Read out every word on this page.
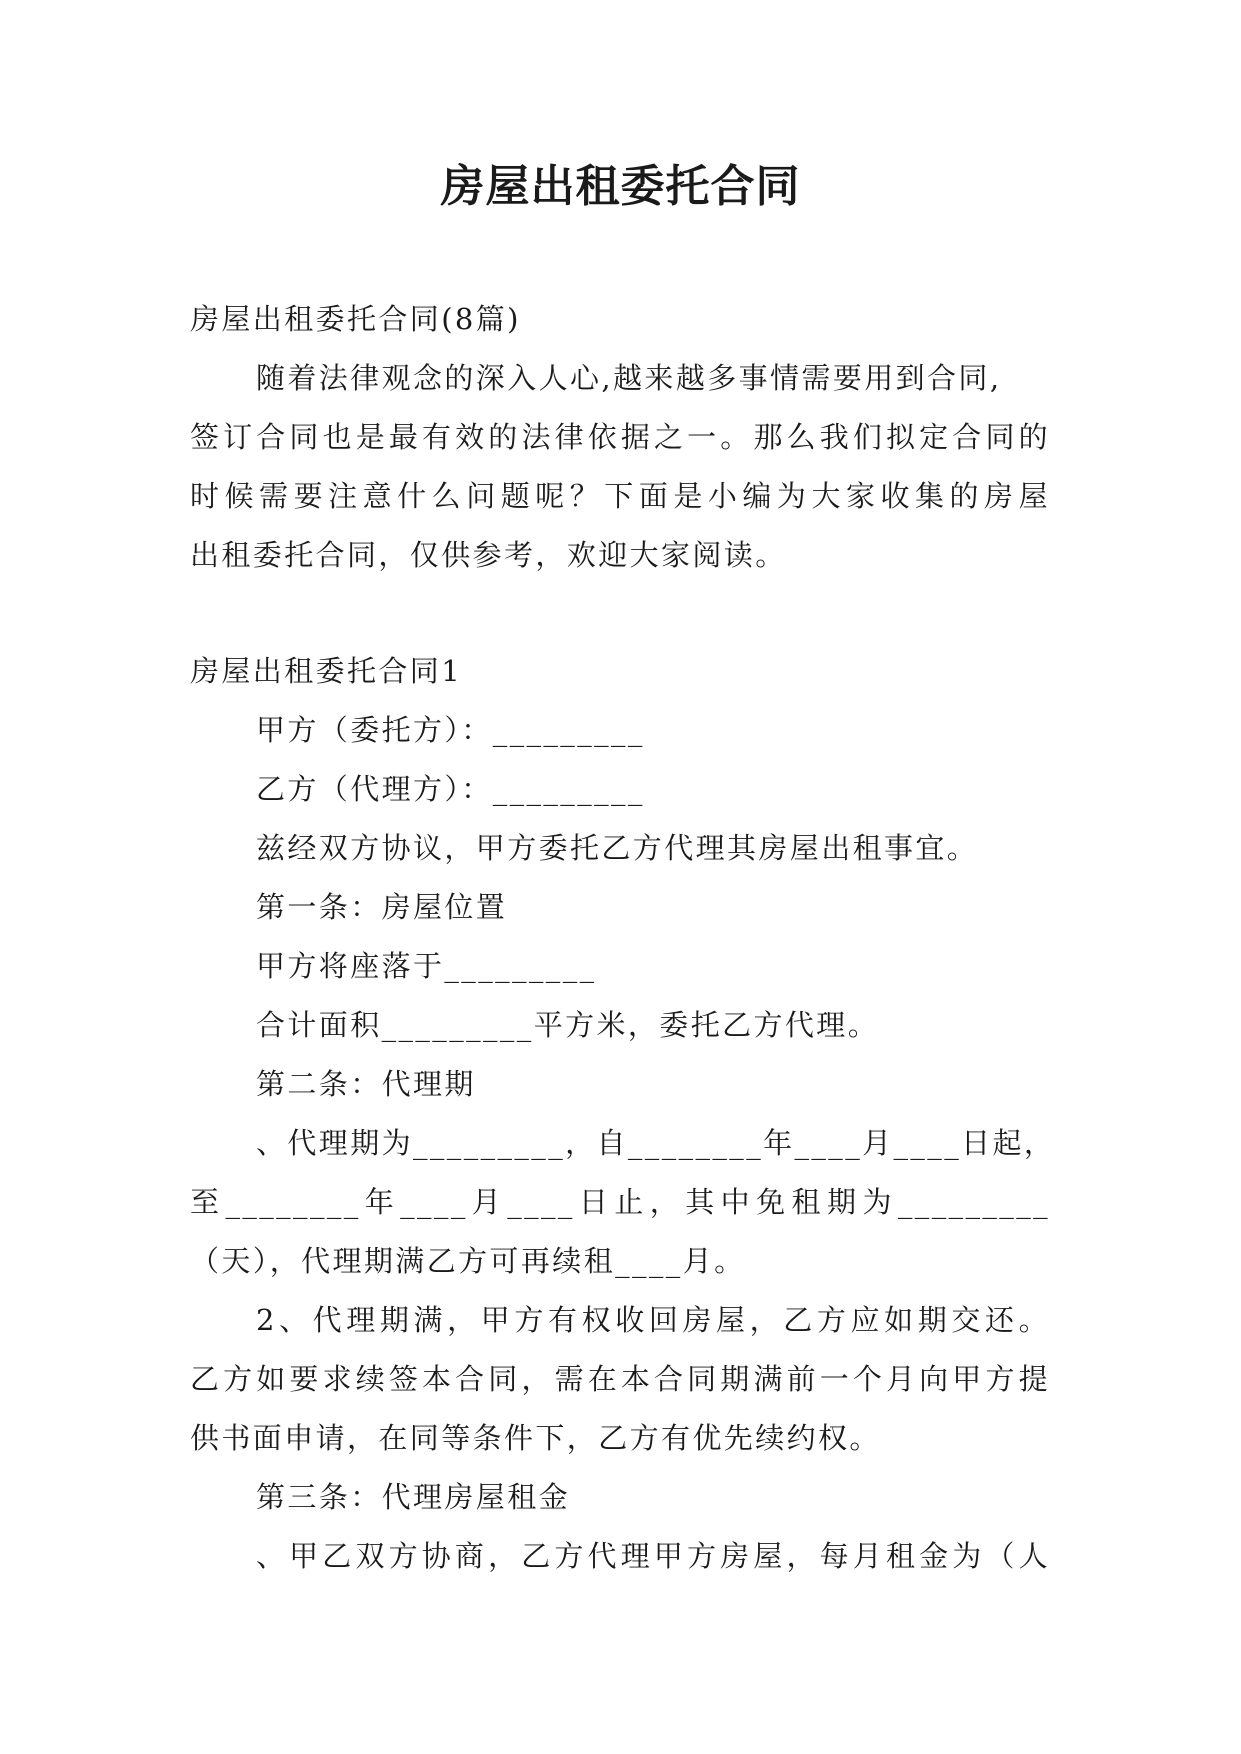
房屋出租委托合同
房屋出租委托合同(8篇)
随着法律观念的深入人心,越来越多事情需要用到合同,
签订合同也是最有效的法律依据之一。那么我们拟定合同的
时候需要注意什么问题呢？下面是小编为大家收集的房屋
出租委托合同，仅供参考，欢迎大家阅读。
房屋出租委托合同1
甲方（委托方）：_________
乙方（代理方）：_________
兹经双方协议，甲方委托乙方代理其房屋出租事宜。
第一条：房屋位置
甲方将座落于_________
合计面积_________平方米，委托乙方代理。
第二条：代理期
、代理期为_________，自________年____月____日起，
至________年____月____日止，其中免租期为_________
（天），代理期满乙方可再续租____月。
2、代理期满，甲方有权收回房屋，乙方应如期交还。
乙方如要求续签本合同，需在本合同期满前一个月向甲方提
供书面申请，在同等条件下，乙方有优先续约权。
第三条：代理房屋租金
、甲乙双方协商，乙方代理甲方房屋，每月租金为（人
